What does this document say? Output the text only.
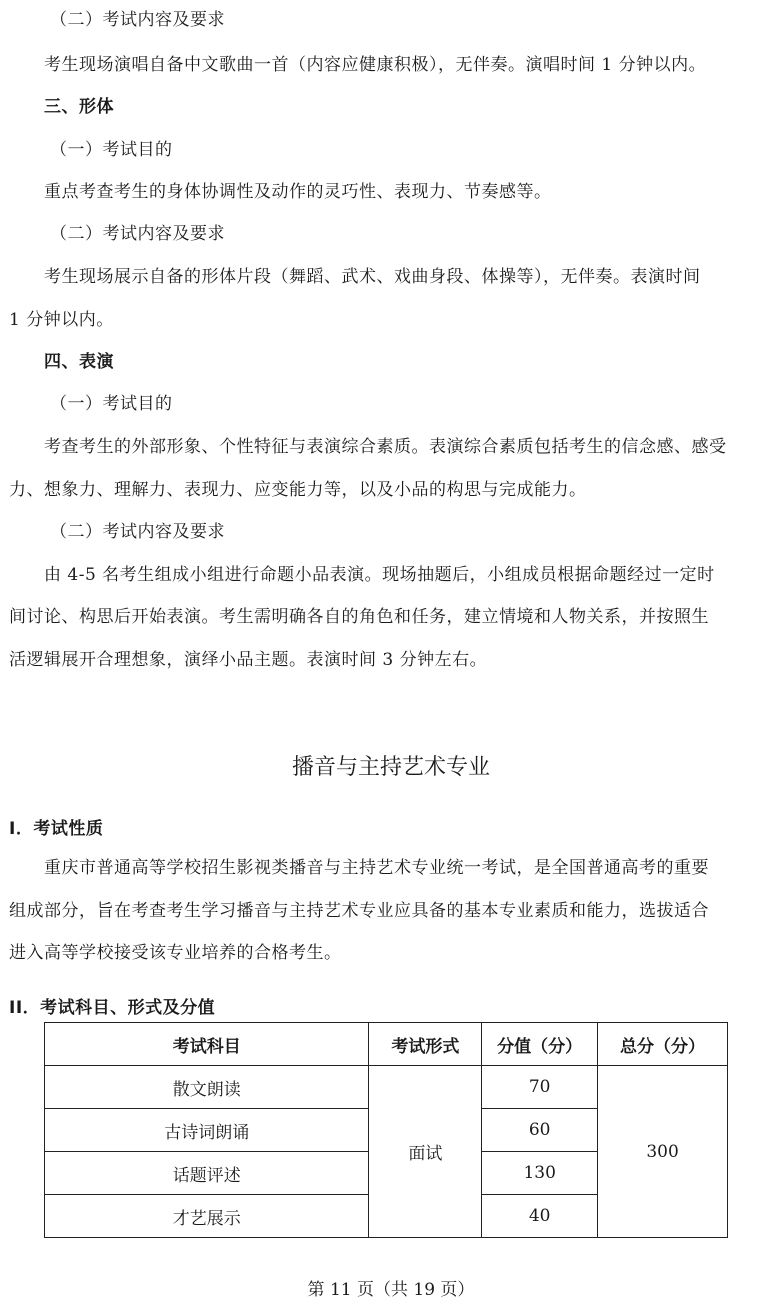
（二）考试内容及要求
考生现场演唱自备中文歌曲一首（内容应健康积极），无伴奏。演唱时间 1 分钟以内。
三、形体
（一）考试目的
重点考查考生的身体协调性及动作的灵巧性、表现力、节奏感等。
（二）考试内容及要求
考生现场展示自备的形体片段（舞蹈、武术、戏曲身段、体操等），无伴奏。表演时间
1 分钟以内。
四、表演
（一）考试目的
考查考生的外部形象、个性特征与表演综合素质。表演综合素质包括考生的信念感、感受
力、想象力、理解力、表现力、应变能力等，以及小品的构思与完成能力。
（二）考试内容及要求
由 4-5 名考生组成小组进行命题小品表演。现场抽题后，小组成员根据命题经过一定时
间讨论、构思后开始表演。考生需明确各自的角色和任务，建立情境和人物关系，并按照生
活逻辑展开合理想象，演绎小品主题。表演时间 3 分钟左右。
播音与主持艺术专业
I．考试性质
重庆市普通高等学校招生影视类播音与主持艺术专业统一考试，是全国普通高考的重要
组成部分，旨在考查考生学习播音与主持艺术专业应具备的基本专业素质和能力，选拔适合
进入高等学校接受该专业培养的合格考生。
II．考试科目、形式及分值
考试科目	考试形式	分值（分）	总分（分）
散文朗读	面试	70	300
古诗词朗诵		60	
话题评述		130	
才艺展示		40	
第 11 页（共 19 页）
